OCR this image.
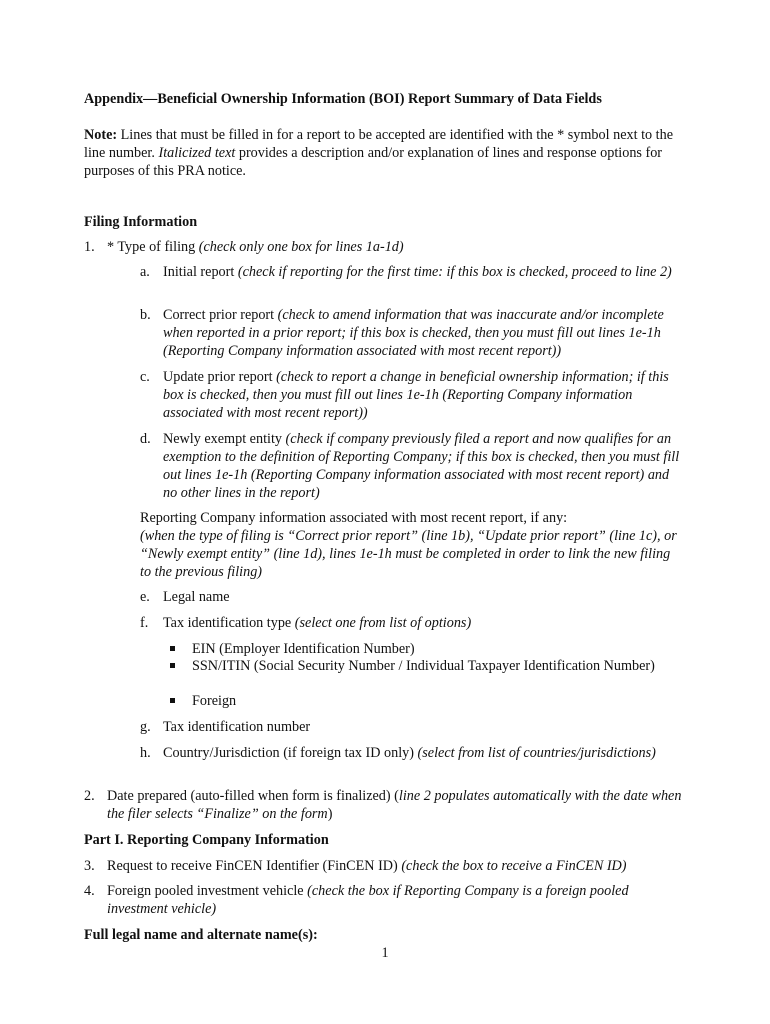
Appendix—Beneficial Ownership Information (BOI) Report Summary of Data Fields
Note: Lines that must be filled in for a report to be accepted are identified with the * symbol next to the line number. Italicized text provides a description and/or explanation of lines and response options for purposes of this PRA notice.
Filing Information
1. * Type of filing (check only one box for lines 1a-1d)
a. Initial report (check if reporting for the first time: if this box is checked, proceed to line 2)
b. Correct prior report (check to amend information that was inaccurate and/or incomplete when reported in a prior report; if this box is checked, then you must fill out lines 1e-1h (Reporting Company information associated with most recent report))
c. Update prior report (check to report a change in beneficial ownership information; if this box is checked, then you must fill out lines 1e-1h (Reporting Company information associated with most recent report))
d. Newly exempt entity (check if company previously filed a report and now qualifies for an exemption to the definition of Reporting Company; if this box is checked, then you must fill out lines 1e-1h (Reporting Company information associated with most recent report) and no other lines in the report)
Reporting Company information associated with most recent report, if any:
(when the type of filing is “Correct prior report” (line 1b), “Update prior report” (line 1c), or “Newly exempt entity” (line 1d), lines 1e-1h must be completed in order to link the new filing to the previous filing)
e. Legal name
f. Tax identification type (select one from list of options)
EIN (Employer Identification Number)
SSN/ITIN (Social Security Number / Individual Taxpayer Identification Number)
Foreign
g. Tax identification number
h. Country/Jurisdiction (if foreign tax ID only) (select from list of countries/jurisdictions)
2. Date prepared (auto-filled when form is finalized) (line 2 populates automatically with the date when the filer selects “Finalize” on the form)
Part I. Reporting Company Information
3. Request to receive FinCEN Identifier (FinCEN ID) (check the box to receive a FinCEN ID)
4. Foreign pooled investment vehicle (check the box if Reporting Company is a foreign pooled investment vehicle)
Full legal name and alternate name(s):
1
